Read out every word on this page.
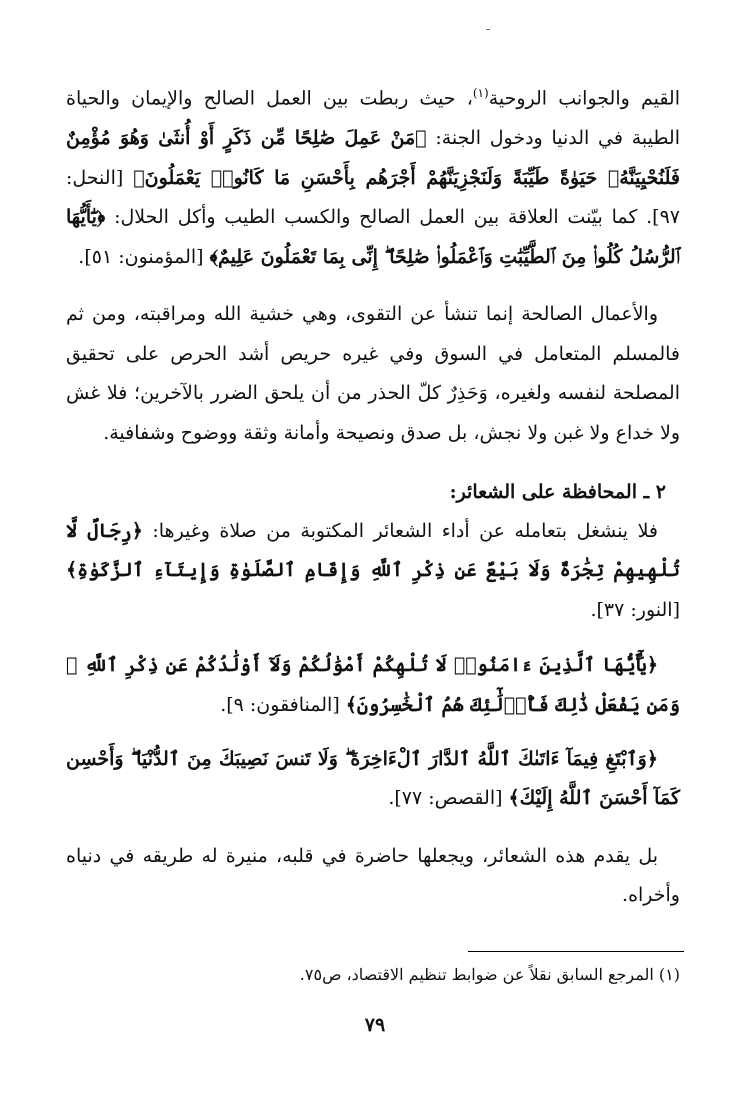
-

القيم والجوانب الروحية$^{(١)}$، حيث ربطت بين العمل الصالح والإيمان والحياة الطيبة في الدنيا ودخول الجنة: ﴿مَنْ عَمِلَ صَٰلِحًا مِّن ذَكَرٍ أَوْ أُنثَىٰ وَهُوَ مُؤْمِنٌ فَلَنُحْيِيَنَّهُۥ حَيَوٰةً طَيِّبَةً وَلَنَجْزِيَنَّهُمْ أَجْرَهُم بِأَحْسَنِ مَا كَانُوا۟ يَعْمَلُونَ﴾ [النحل: ٩٧]. كما بيّنت العلاقة بين العمل الصالح والكسب الطيب وأكل الحلال: ﴿يَٰٓأَيُّهَا ٱلرُّسُلُ كُلُوا۟ مِنَ ٱلطَّيِّبَٰتِ وَٱعْمَلُوا۟ صَٰلِحًا ۖ إِنِّى بِمَا تَعْمَلُونَ عَلِيمٌ﴾ [المؤمنون: ٥١].

والأعمال الصالحة إنما تنشأ عن التقوى، وهي خشية الله ومراقبته، ومن ثم فالمسلم المتعامل في السوق وفي غيره حريص أشد الحرص على تحقيق المصلحة لنفسه ولغيره، وَحَذِرٌ كلّ الحذر من أن يلحق الضرر بالآخرين؛ فلا غش ولا خداع ولا غبن ولا نجش، بل صدق ونصيحة وأمانة وثقة ووضوح وشفافية.

٢ ـ المحافظة على الشعائر:

فلا ينشغل بتعامله عن أداء الشعائر المكتوبة من صلاة وغيرها: ﴿رِجَالٌ لَّا تُلْهِيهِمْ تِجَٰرَةٌ وَلَا بَيْعٌ عَن ذِكْرِ ٱللَّهِ وَإِقَامِ ٱلصَّلَوٰةِ وَإِيتَآءِ ٱلزَّكَوٰةِ﴾ [النور: ٣٧].

﴿يَٰٓأَيُّهَا ٱلَّذِينَ ءَامَنُوا۟ لَا تُلْهِكُمْ أَمْوَٰلُكُمْ وَلَآ أَوْلَٰدُكُمْ عَن ذِكْرِ ٱللَّهِ ۚ وَمَن يَفْعَلْ ذَٰلِكَ فَأُو۟لَٰٓئِكَ هُمُ ٱلْخَٰسِرُونَ﴾ [المنافقون: ٩].

﴿وَٱبْتَغِ فِيمَآ ءَاتَىٰكَ ٱللَّهُ ٱلدَّارَ ٱلْءَاخِرَةَ ۖ وَلَا تَنسَ نَصِيبَكَ مِنَ ٱلدُّنْيَا ۖ وَأَحْسِن كَمَآ أَحْسَنَ ٱللَّهُ إِلَيْكَ﴾ [القصص: ٧٧].

بل يقدم هذه الشعائر، ويجعلها حاضرة في قلبه، منيرة له طريقه في دنياه وأخراه.

(١) المرجع السابق نقلاً عن ضوابط تنظيم الاقتصاد، ص٧٥.

٧٩
